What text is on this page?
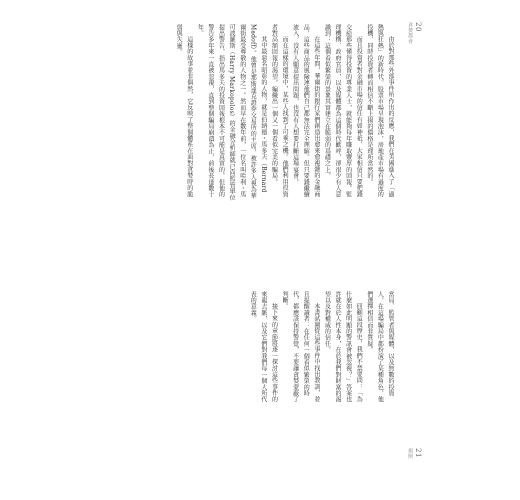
20
貪婪都會

由於對那些外部事件所作出的反應，我們在美國進入了「過熱與狂熱」的新時代。股票市場呈現泡沫，房地產市場有過度的投機，同時投資者轉而相信不斷上揚的價格是理所當然的。

而且投資者對金融市場的信任有如神祇，大家相信只要把錢交給那些懂得投資的專業人士，就能夠每年賺取豐厚的回報。監理機構、政府官員，以及媒體都為這個時代歡呼，卻很少有人意識到：這個看似繁榮的景象其實建立在脆弱的基礎之上。

在這些年間，華爾街的銀行家們創造出愈來愈複雜的金融商品，這些商品的風險連他們自己都無法完全理解。但只要錢繼續流入，沒有人願意提出問題，也沒有人想要打斷這場宴會。

而在這樣的環境中，某些人找到了可乘之機。他們利用投資者對高額回報的渴望，編織出一個又一個看似完美的騙局。

其中最惡名昭彰的人物，就是伯納德・馬多夫（Bernard Madoff）。他曾是那斯達克證券交易所的主席，被許多人視為華爾街最受尊敬的人物之一。然而早在數年前，一位名叫哈利・馬可波羅斯（Harry Markopolos）的金融分析師就已向監管單位提出警告，指出馬多夫的投資回報根本不可能是真實的，但他的警告多年來一直被忽視，直到整個騙局崩潰為止，前後長達數十年。

這樣的故事並非偶然，它反映了整個體系在面對貪婪時的脆弱與失靈。

當局、監管者與媒體，以及無數的投資人，在這場騙局中都扮演了某種角色，他們選擇相信而非質疑。

回顧這段歷史，我們不禁要問：「為什麼如此明顯的警訊會被忽視？」答案也許就在於人性本身，在於我們對財富的渴望以及對權威的信任。

本書試圖從這些事件中找出教訓，並且提醒讀者：在任何一個看似繁榮的時代，都應該保持警覺，不要讓貪婪蒙蔽了判斷。

接下來的章節將逐一探討這些事件的來龍去脈，以及它們對我們每一個人所代表的意義。

21
揭開
